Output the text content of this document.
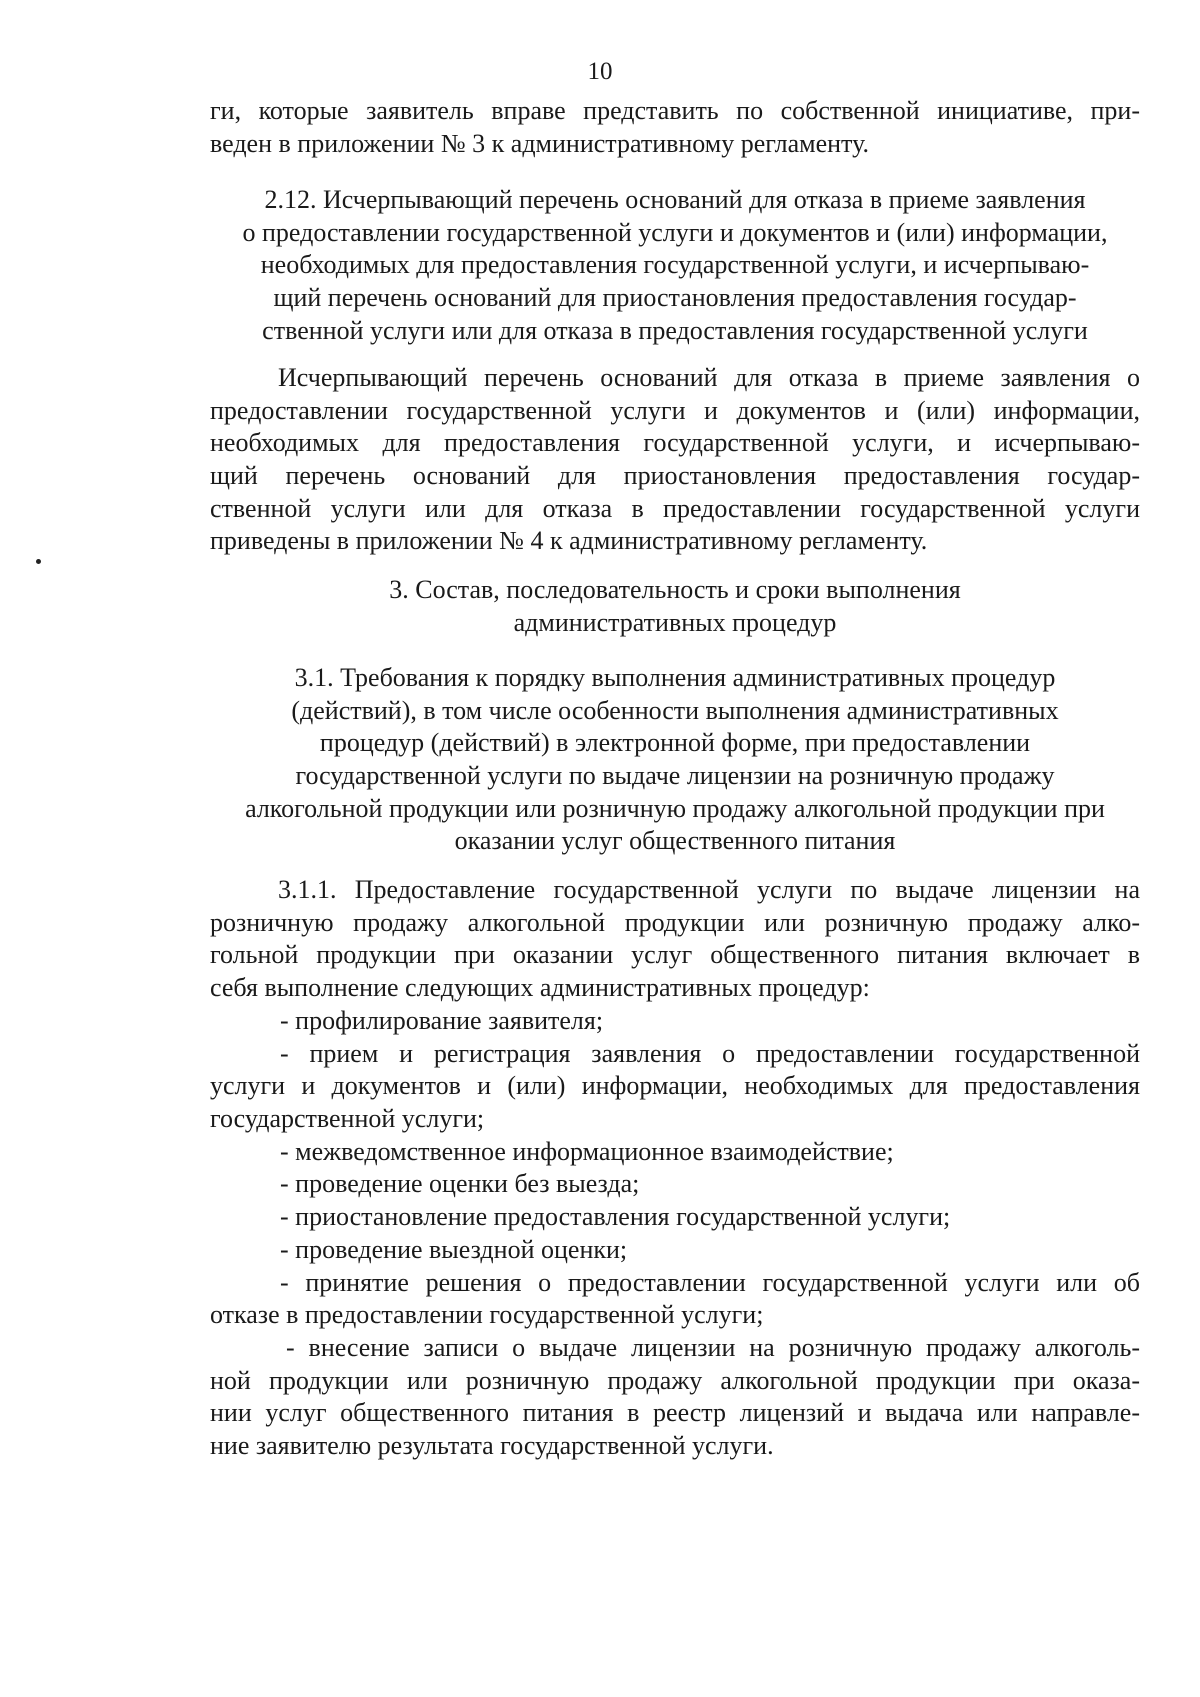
10
ги, которые заявитель вправе представить по собственной инициативе, при-
веден в приложении № 3 к административному регламенту.
2.12. Исчерпывающий перечень оснований для отказа в приеме заявления
о предоставлении государственной услуги и документов и (или) информации,
необходимых для предоставления государственной услуги, и исчерпываю-
щий перечень оснований для приостановления предоставления государ-
ственной услуги или для отказа в предоставления государственной услуги
Исчерпывающий перечень оснований для отказа в приеме заявления о
предоставлении государственной услуги и документов и (или) информации,
необходимых для предоставления государственной услуги, и исчерпываю-
щий перечень оснований для приостановления предоставления государ-
ственной услуги или для отказа в предоставлении государственной услуги
приведены в приложении № 4 к административному регламенту.
3. Состав, последовательность и сроки выполнения
административных процедур
3.1. Требования к порядку выполнения административных процедур
(действий), в том числе особенности выполнения административных
процедур (действий) в электронной форме, при предоставлении
государственной услуги по выдаче лицензии на розничную продажу
алкогольной продукции или розничную продажу алкогольной продукции при
оказании услуг общественного питания
3.1.1. Предоставление государственной услуги по выдаче лицензии на
розничную продажу алкогольной продукции или розничную продажу алко-
гольной продукции при оказании услуг общественного питания включает в
себя выполнение следующих административных процедур:
- профилирование заявителя;
- прием и регистрация заявления о предоставлении государственной
услуги и документов и (или) информации, необходимых для предоставления
государственной услуги;
- межведомственное информационное взаимодействие;
- проведение оценки без выезда;
- приостановление предоставления государственной услуги;
- проведение выездной оценки;
- принятие решения о предоставлении государственной услуги или об
отказе в предоставлении государственной услуги;
- внесение записи о выдаче лицензии на розничную продажу алкоголь-
ной продукции или розничную продажу алкогольной продукции при оказа-
нии услуг общественного питания в реестр лицензий и выдача или направле-
ние заявителю результата государственной услуги.
